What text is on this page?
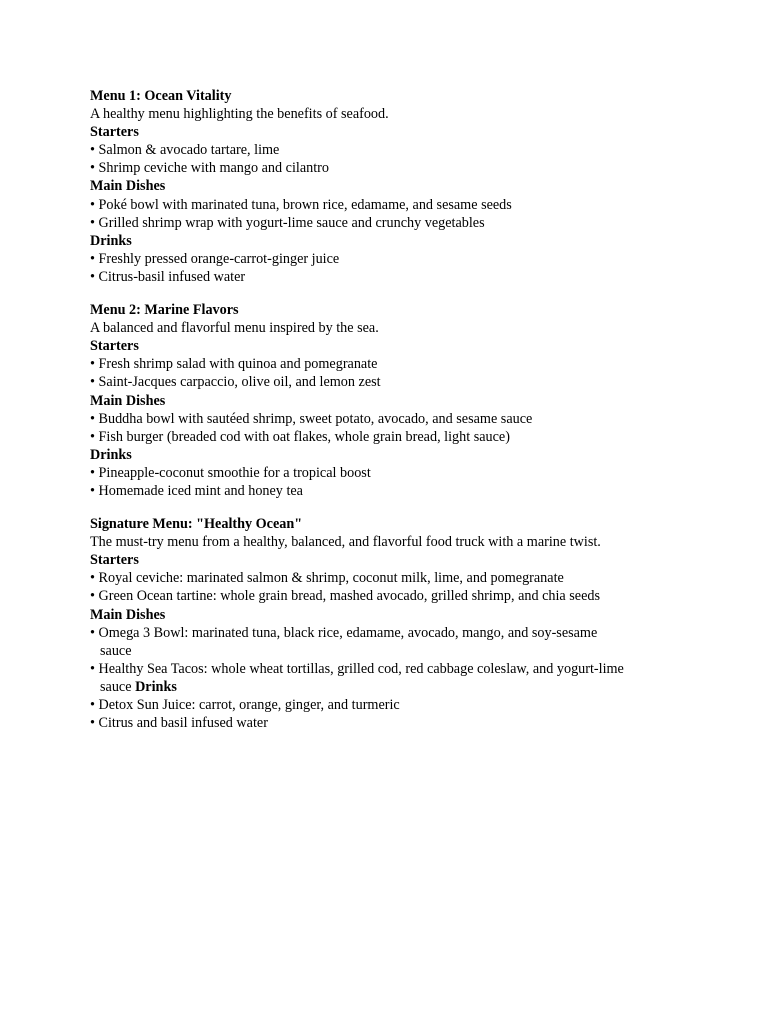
Menu 1: Ocean Vitality
A healthy menu highlighting the benefits of seafood.
Starters
• Salmon & avocado tartare, lime
• Shrimp ceviche with mango and cilantro
Main Dishes
• Poké bowl with marinated tuna, brown rice, edamame, and sesame seeds
• Grilled shrimp wrap with yogurt-lime sauce and crunchy vegetables
Drinks
• Freshly pressed orange-carrot-ginger juice
• Citrus-basil infused water
Menu 2: Marine Flavors
A balanced and flavorful menu inspired by the sea.
Starters
• Fresh shrimp salad with quinoa and pomegranate
• Saint-Jacques carpaccio, olive oil, and lemon zest
Main Dishes
• Buddha bowl with sautéed shrimp, sweet potato, avocado, and sesame sauce
• Fish burger (breaded cod with oat flakes, whole grain bread, light sauce)
Drinks
• Pineapple-coconut smoothie for a tropical boost
• Homemade iced mint and honey tea
Signature Menu: "Healthy Ocean"
The must-try menu from a healthy, balanced, and flavorful food truck with a marine twist.
Starters
• Royal ceviche: marinated salmon & shrimp, coconut milk, lime, and pomegranate
• Green Ocean tartine: whole grain bread, mashed avocado, grilled shrimp, and chia seeds
Main Dishes
• Omega 3 Bowl: marinated tuna, black rice, edamame, avocado, mango, and soy-sesame
sauce
• Healthy Sea Tacos: whole wheat tortillas, grilled cod, red cabbage coleslaw, and yogurt-lime
sauce Drinks
• Detox Sun Juice: carrot, orange, ginger, and turmeric
• Citrus and basil infused water
